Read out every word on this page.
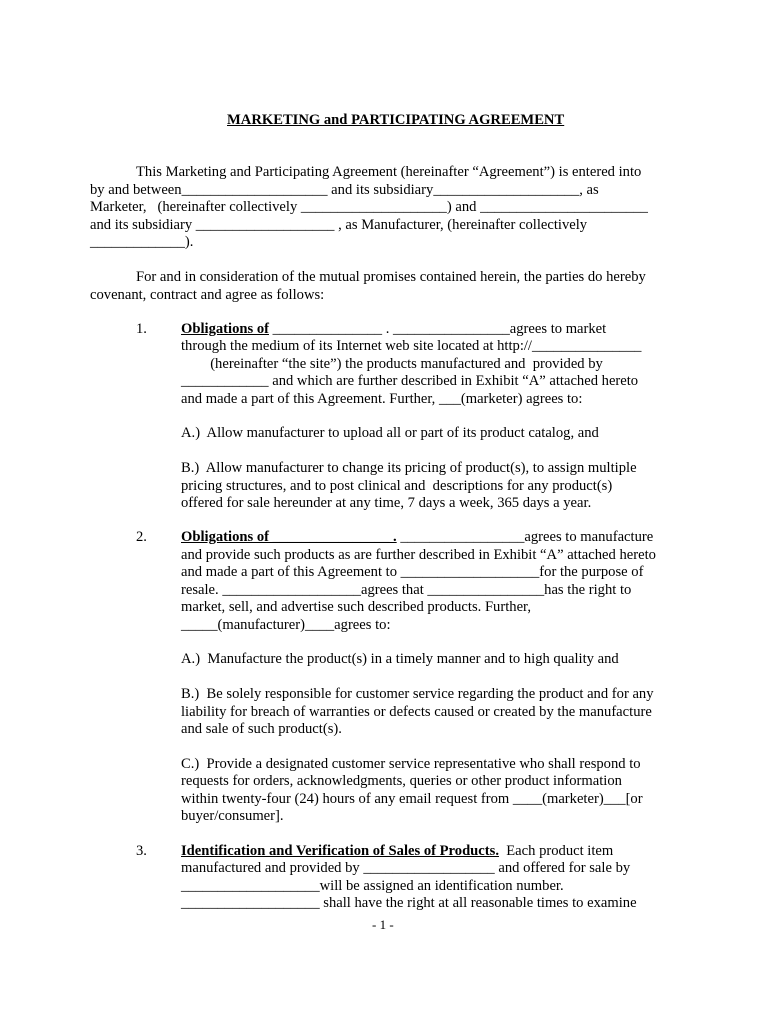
MARKETING and PARTICIPATING AGREEMENT
This Marketing and Participating Agreement (hereinafter “Agreement”) is entered into
by and between____________________ and its subsidiary____________________, as
Marketer,   (hereinafter collectively ____________________) and _______________________
and its subsidiary ___________________ , as Manufacturer, (hereinafter collectively
_____________).
For and in consideration of the mutual promises contained herein, the parties do hereby
covenant, contract and agree as follows:
1. Obligations of _______________ . ________________agrees to market
through the medium of its Internet web site located at http://_______________
(hereinafter “the site”) the products manufactured and  provided by
____________ and which are further described in Exhibit “A” attached hereto
and made a part of this Agreement. Further, ___(marketer) agrees to:
A.)  Allow manufacturer to upload all or part of its product catalog, and
B.)  Allow manufacturer to change its pricing of product(s), to assign multiple
pricing structures, and to post clinical and  descriptions for any product(s)
offered for sale hereunder at any time, 7 days a week, 365 days a year.
2. Obligations of ________________ . _________________agrees to manufacture
and provide such products as are further described in Exhibit “A” attached hereto
and made a part of this Agreement to ___________________for the purpose of
resale. ___________________agrees that ________________has the right to
market, sell, and advertise such described products. Further,
_____(manufacturer)____agrees to:
A.)  Manufacture the product(s) in a timely manner and to high quality and
B.)  Be solely responsible for customer service regarding the product and for any
liability for breach of warranties or defects caused or created by the manufacture
and sale of such product(s).
C.)  Provide a designated customer service representative who shall respond to
requests for orders, acknowledgments, queries or other product information
within twenty-four (24) hours of any email request from ____(marketer)___[or
buyer/consumer].
3. Identification and Verification of Sales of Products.  Each product item
manufactured and provided by __________________ and offered for sale by
___________________will be assigned an identification number.
___________________ shall have the right at all reasonable times to examine
- 1 -
